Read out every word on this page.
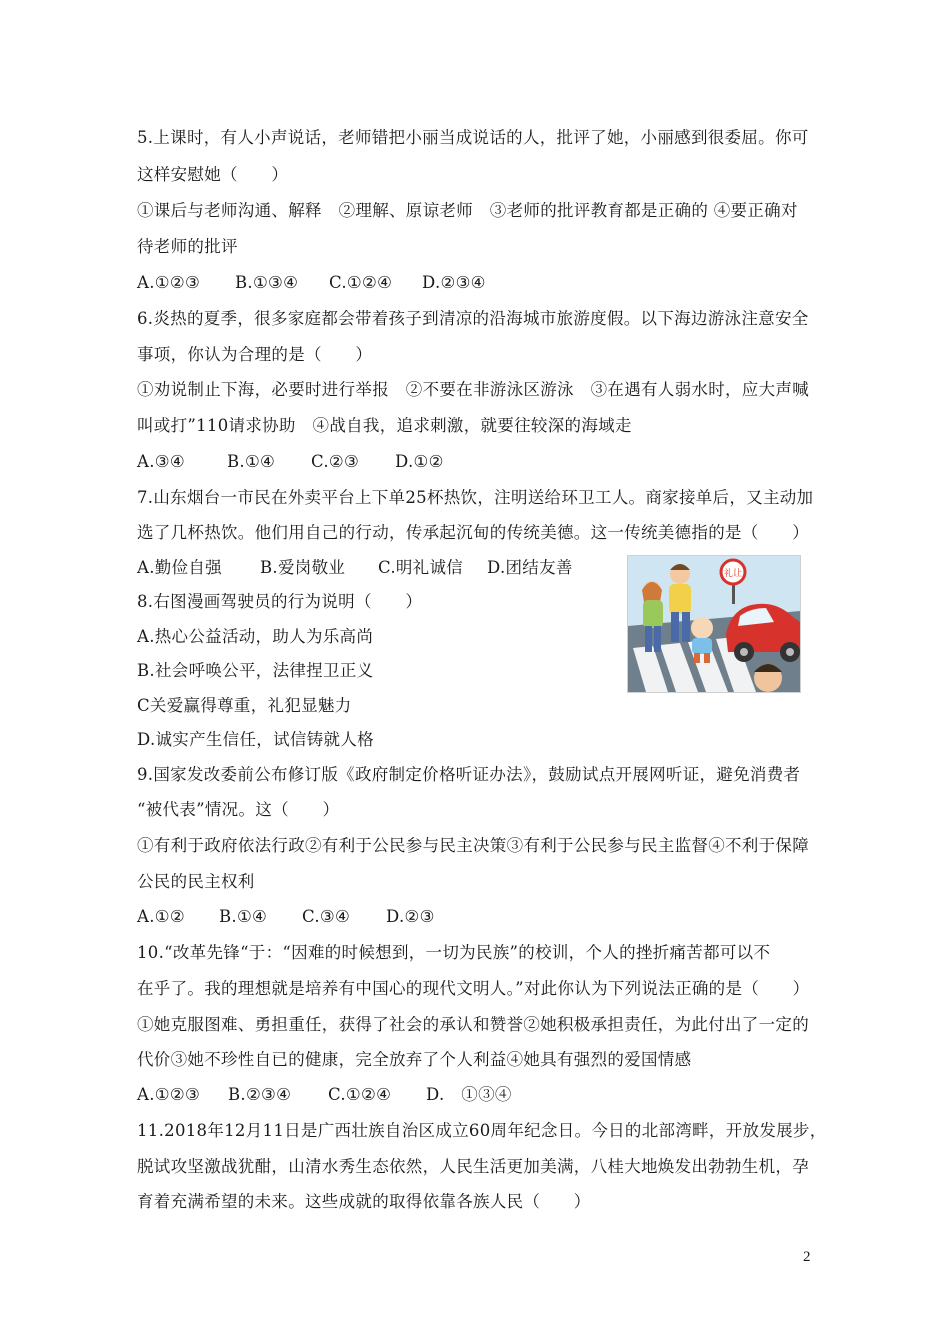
5.上课时，有人小声说话，老师错把小丽当成说话的人，批评了她，小丽感到很委屈。你可
这样安慰她（　　）
①课后与老师沟通、解释　②理解、原谅老师　③老师的批评教育都是正确的 ④要正确对
待老师的批评
A.①②③ B.①③④ C.①②④ D.②③④
6.炎热的夏季，很多家庭都会带着孩子到清凉的沿海城市旅游度假。以下海边游泳注意安全
事项，你认为合理的是（　　）
①劝说制止下海，必要时进行举报　②不要在非游泳区游泳　③在遇有人弱水时，应大声喊
叫或打”110请求协助　④战自我，追求刺激，就要往较深的海域走
A.③④	B.①④ C.②③ D.①②
7.山东烟台一市民在外卖平台上下单25杯热饮，注明送给环卫工人。商家接单后，又主动加
选了几杯热饮。他们用自己的行动，传承起沉甸的传统美德。这一传统美德指的是（　　）
A.勤俭自强 B.爱岗敬业 C.明礼诚信 D.团结友善
8.右图漫画驾驶员的行为说明（　　）
A.热心公益活动，助人为乐高尚
B.社会呼唤公平，法律捏卫正义
C关爱赢得尊重，礼犯显魅力
D.诚实产生信任，试信铸就人格
礼让
9.国家发改委前公布修订版《政府制定价格听证办法》，鼓励试点开展网听证，避免消费者
“被代表”情况。这（　　）
①有利于政府依法行政②有利于公民参与民主决策③有利于公民参与民主监督④不利于保障
公民的民主权利
A.①② B.①④ C.③④ D.②③
10.“改革先锋“于：“因难的时候想到，一切为民族”的校训，个人的挫折痛苦都可以不
在乎了。我的理想就是培养有中国心的现代文明人。”对此你认为下列说法正确的是（　　）
①她克服图难、勇担重任，获得了社会的承认和赞誉②她积极承担责任，为此付出了一定的
代价③她不珍性自已的健康，完全放弃了个人利益④她具有强烈的爱国情感
A.①②③ B.②③④ C.①②④ D.　①③④
11.2018年12月11日是广西壮族自治区成立60周年纪念日。今日的北部湾畔，开放发展步，
脱试攻坚激战犹酣，山清水秀生态依然，人民生活更加美满，八桂大地焕发出勃勃生机，孕
育着充满希望的未来。这些成就的取得依靠各族人民（　　）
2
